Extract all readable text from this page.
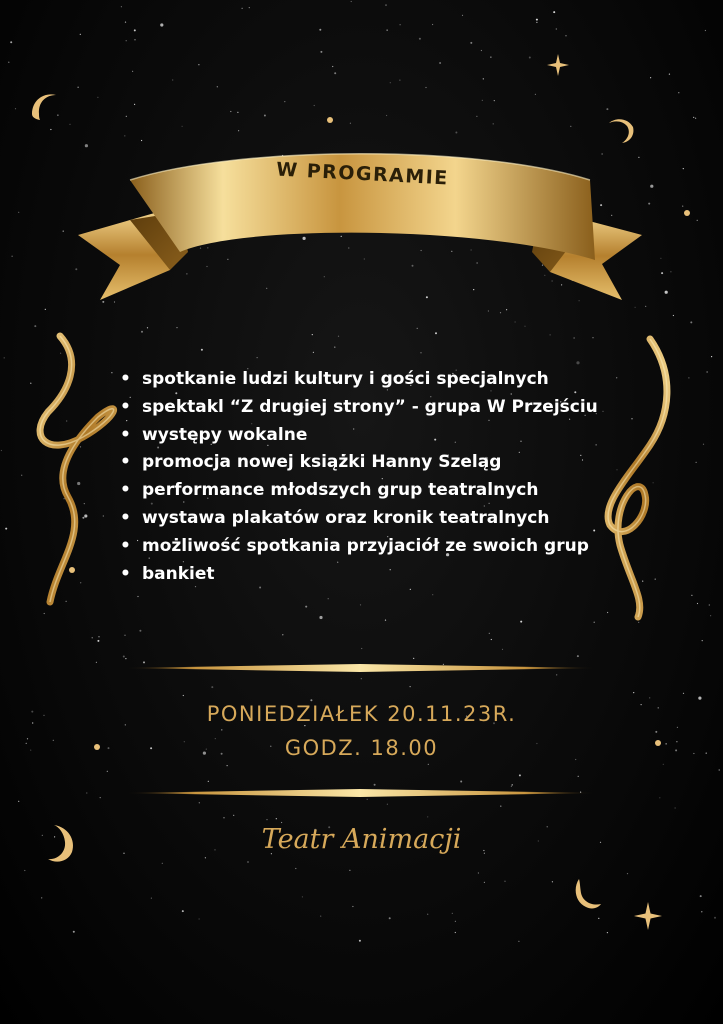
W PROGRAMIE
• spotkanie ludzi kultury i gości specjalnych
• spektakl “Z drugiej strony” - grupa W Przejściu
• występy wokalne
• promocja nowej książki Hanny Szeląg
• performance młodszych grup teatralnych
• wystawa plakatów oraz kronik teatralnych
• możliwość spotkania przyjaciół ze swoich grup
• bankiet
PONIEDZIAŁEK 20.11.23R.
GODZ. 18.00
Teatr Animacji
